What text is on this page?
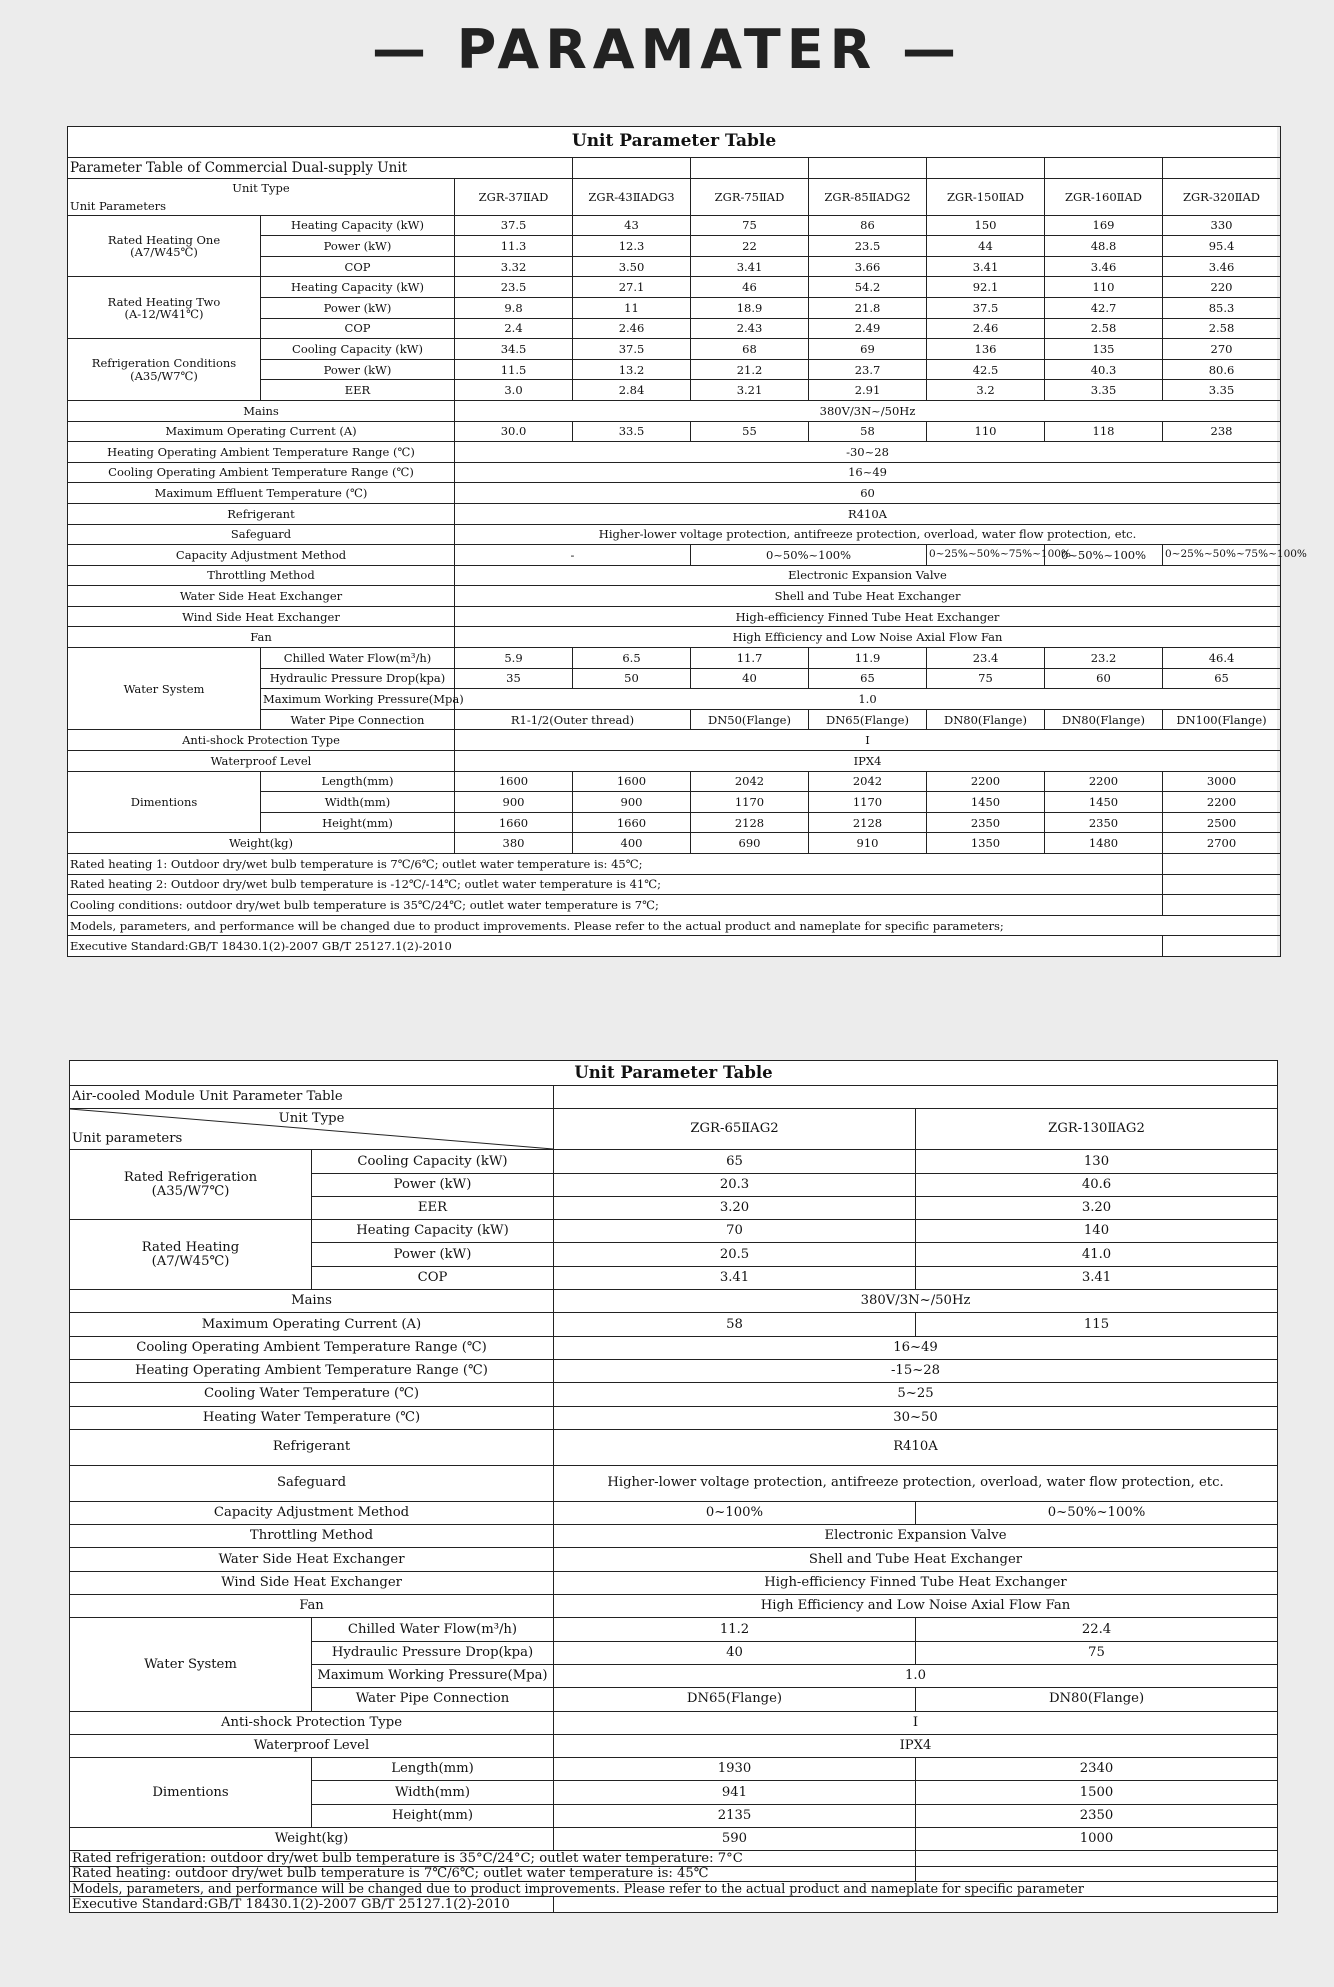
— PARAMATER —
Unit Parameter Table								
Parameter Table of Commercial Dual-supply Unit								

Unit Type
Unit Parameters		ZGR-37ⅡAD	ZGR-43ⅡADG3	ZGR-75ⅡAD	ZGR-85ⅡADG2	ZGR-150ⅡAD	ZGR-160ⅡAD	ZGR-320ⅡAD
Rated Heating One
(A7/W45℃)	Heating Capacity (kW)	37.5	43	75	86	150	169	330
	Power (kW)	11.3	12.3	22	23.5	44	48.8	95.4
	COP	3.32	3.50	3.41	3.66	3.41	3.46	3.46
Rated Heating Two
(A-12/W41℃)	Heating Capacity (kW)	23.5	27.1	46	54.2	92.1	110	220
	Power (kW)	9.8	11	18.9	21.8	37.5	42.7	85.3
	COP	2.4	2.46	2.43	2.49	2.46	2.58	2.58
Refrigeration Conditions
(A35/W7℃)	Cooling Capacity (kW)	34.5	37.5	68	69	136	135	270
	Power (kW)	11.5	13.2	21.2	23.7	42.5	40.3	80.6
	EER	3.0	2.84	3.21	2.91	3.2	3.35	3.35
Mains		380V/3N~/50Hz						
Maximum Operating Current (A)		30.0	33.5	55	58	110	118	238
Heating Operating Ambient Temperature Range (℃)		-30~28						
Cooling Operating Ambient Temperature Range (℃)		16~49						
Maximum Effluent Temperature (℃)		60						
Refrigerant		R410A						
Safeguard		Higher-lower voltage protection, antifreeze protection, overload, water flow protection, etc.						
Capacity Adjustment Method		-		0~50%~100%		0~25%~50%~75%~100%	0~50%~100%	0~25%~50%~75%~100%
Throttling Method		Electronic Expansion Valve						
Water Side Heat Exchanger		Shell and Tube Heat Exchanger						
Wind Side Heat Exchanger		High-efficiency Finned Tube Heat Exchanger						
Fan		High Efficiency and Low Noise Axial Flow Fan						
Water System	Chilled Water Flow(m³/h)	5.9	6.5	11.7	11.9	23.4	23.2	46.4
	Hydraulic Pressure Drop(kpa)	35	50	40	65	75	60	65
	Maximum Working Pressure(Mpa)	1.0						
	Water Pipe Connection	R1-1/2(Outer thread)		DN50(Flange)	DN65(Flange)	DN80(Flange)	DN80(Flange)	DN100(Flange)
Anti-shock Protection Type		I						
Waterproof Level		IPX4						
Dimentions	Length(mm)	1600	1600	2042	2042	2200	2200	3000
	Width(mm)	900	900	1170	1170	1450	1450	2200
	Height(mm)	1660	1660	2128	2128	2350	2350	2500
Weight(kg)		380	400	690	910	1350	1480	2700
Rated heating 1: Outdoor dry/wet bulb temperature is 7℃/6℃; outlet water temperature is: 45℃;								
Rated heating 2: Outdoor dry/wet bulb temperature is -12℃/-14℃; outlet water temperature is 41℃;								
Cooling conditions: outdoor dry/wet bulb temperature is 35℃/24℃; outlet water temperature is 7℃;								
Models, parameters, and performance will be changed due to product improvements. Please refer to the actual product and nameplate for specific parameters;								
Executive Standard:GB/T 18430.1(2)-2007 GB/T 25127.1(2)-2010								
Unit Parameter Table			
Air-cooled Module Unit Parameter Table			

Unit Type
Unit parameters		ZGR-65ⅡAG2	ZGR-130ⅡAG2
Rated Refrigeration
(A35/W7℃)	Cooling Capacity (kW)	65	130
	Power (kW)	20.3	40.6
	EER	3.20	3.20
Rated Heating
(A7/W45℃)	Heating Capacity (kW)	70	140
	Power (kW)	20.5	41.0
	COP	3.41	3.41
Mains		380V/3N~/50Hz	
Maximum Operating Current (A)		58	115
Cooling Operating Ambient Temperature Range (℃)		16~49	
Heating Operating Ambient Temperature Range (℃)		-15~28	
Cooling Water Temperature (℃)		5~25	
Heating Water Temperature (℃)		30~50	
Refrigerant		R410A	
Safeguard		Higher-lower voltage protection, antifreeze protection, overload, water flow protection, etc.	
Capacity Adjustment Method		0~100%	0~50%~100%
Throttling Method		Electronic Expansion Valve	
Water Side Heat Exchanger		Shell and Tube Heat Exchanger	
Wind Side Heat Exchanger		High-efficiency Finned Tube Heat Exchanger	
Fan		High Efficiency and Low Noise Axial Flow Fan	
Water System	Chilled Water Flow(m³/h)	11.2	22.4
	Hydraulic Pressure Drop(kpa)	40	75
	Maximum Working Pressure(Mpa)	1.0	
	Water Pipe Connection	DN65(Flange)	DN80(Flange)
Anti-shock Protection Type		I	
Waterproof Level		IPX4	
Dimentions	Length(mm)	1930	2340
	Width(mm)	941	1500
	Height(mm)	2135	2350
Weight(kg)		590	1000
Rated refrigeration: outdoor dry/wet bulb temperature is 35°C/24°C; outlet water temperature: 7°C			
Rated heating: outdoor dry/wet bulb temperature is 7℃/6℃; outlet water temperature is: 45℃			
Models, parameters, and performance will be changed due to product improvements. Please refer to the actual product and nameplate for specific parameter			
Executive Standard:GB/T 18430.1(2)-2007 GB/T 25127.1(2)-2010			
